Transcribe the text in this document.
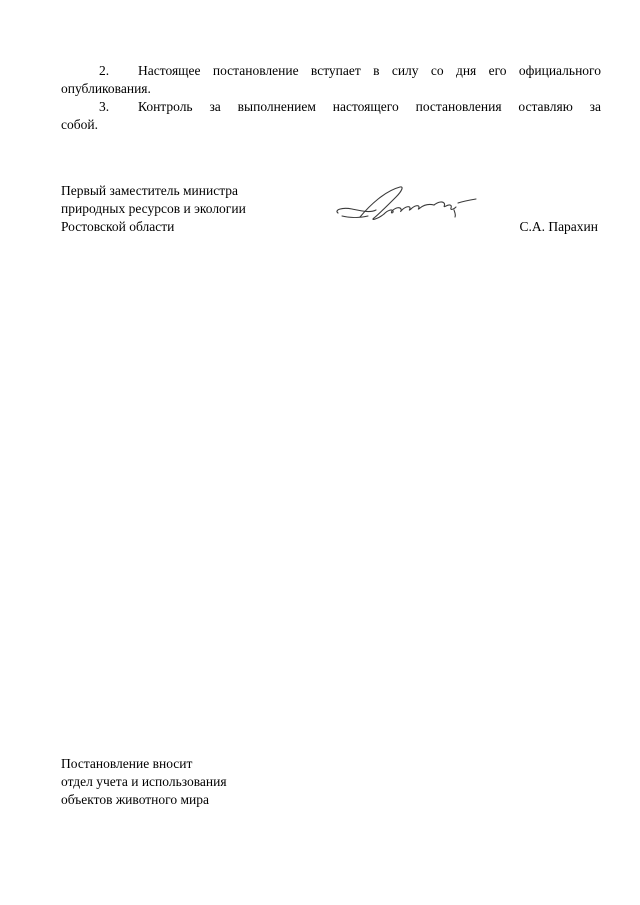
2. Настоящее постановление вступает в силу со дня его официального
опубликования.
3. Контроль за выполнением настоящего постановления оставляю за
собой.
Первый заместитель министра
природных ресурсов и экологии
Ростовской области	С.А. Парахин
Постановление вносит
отдел учета и использования
объектов животного мира
